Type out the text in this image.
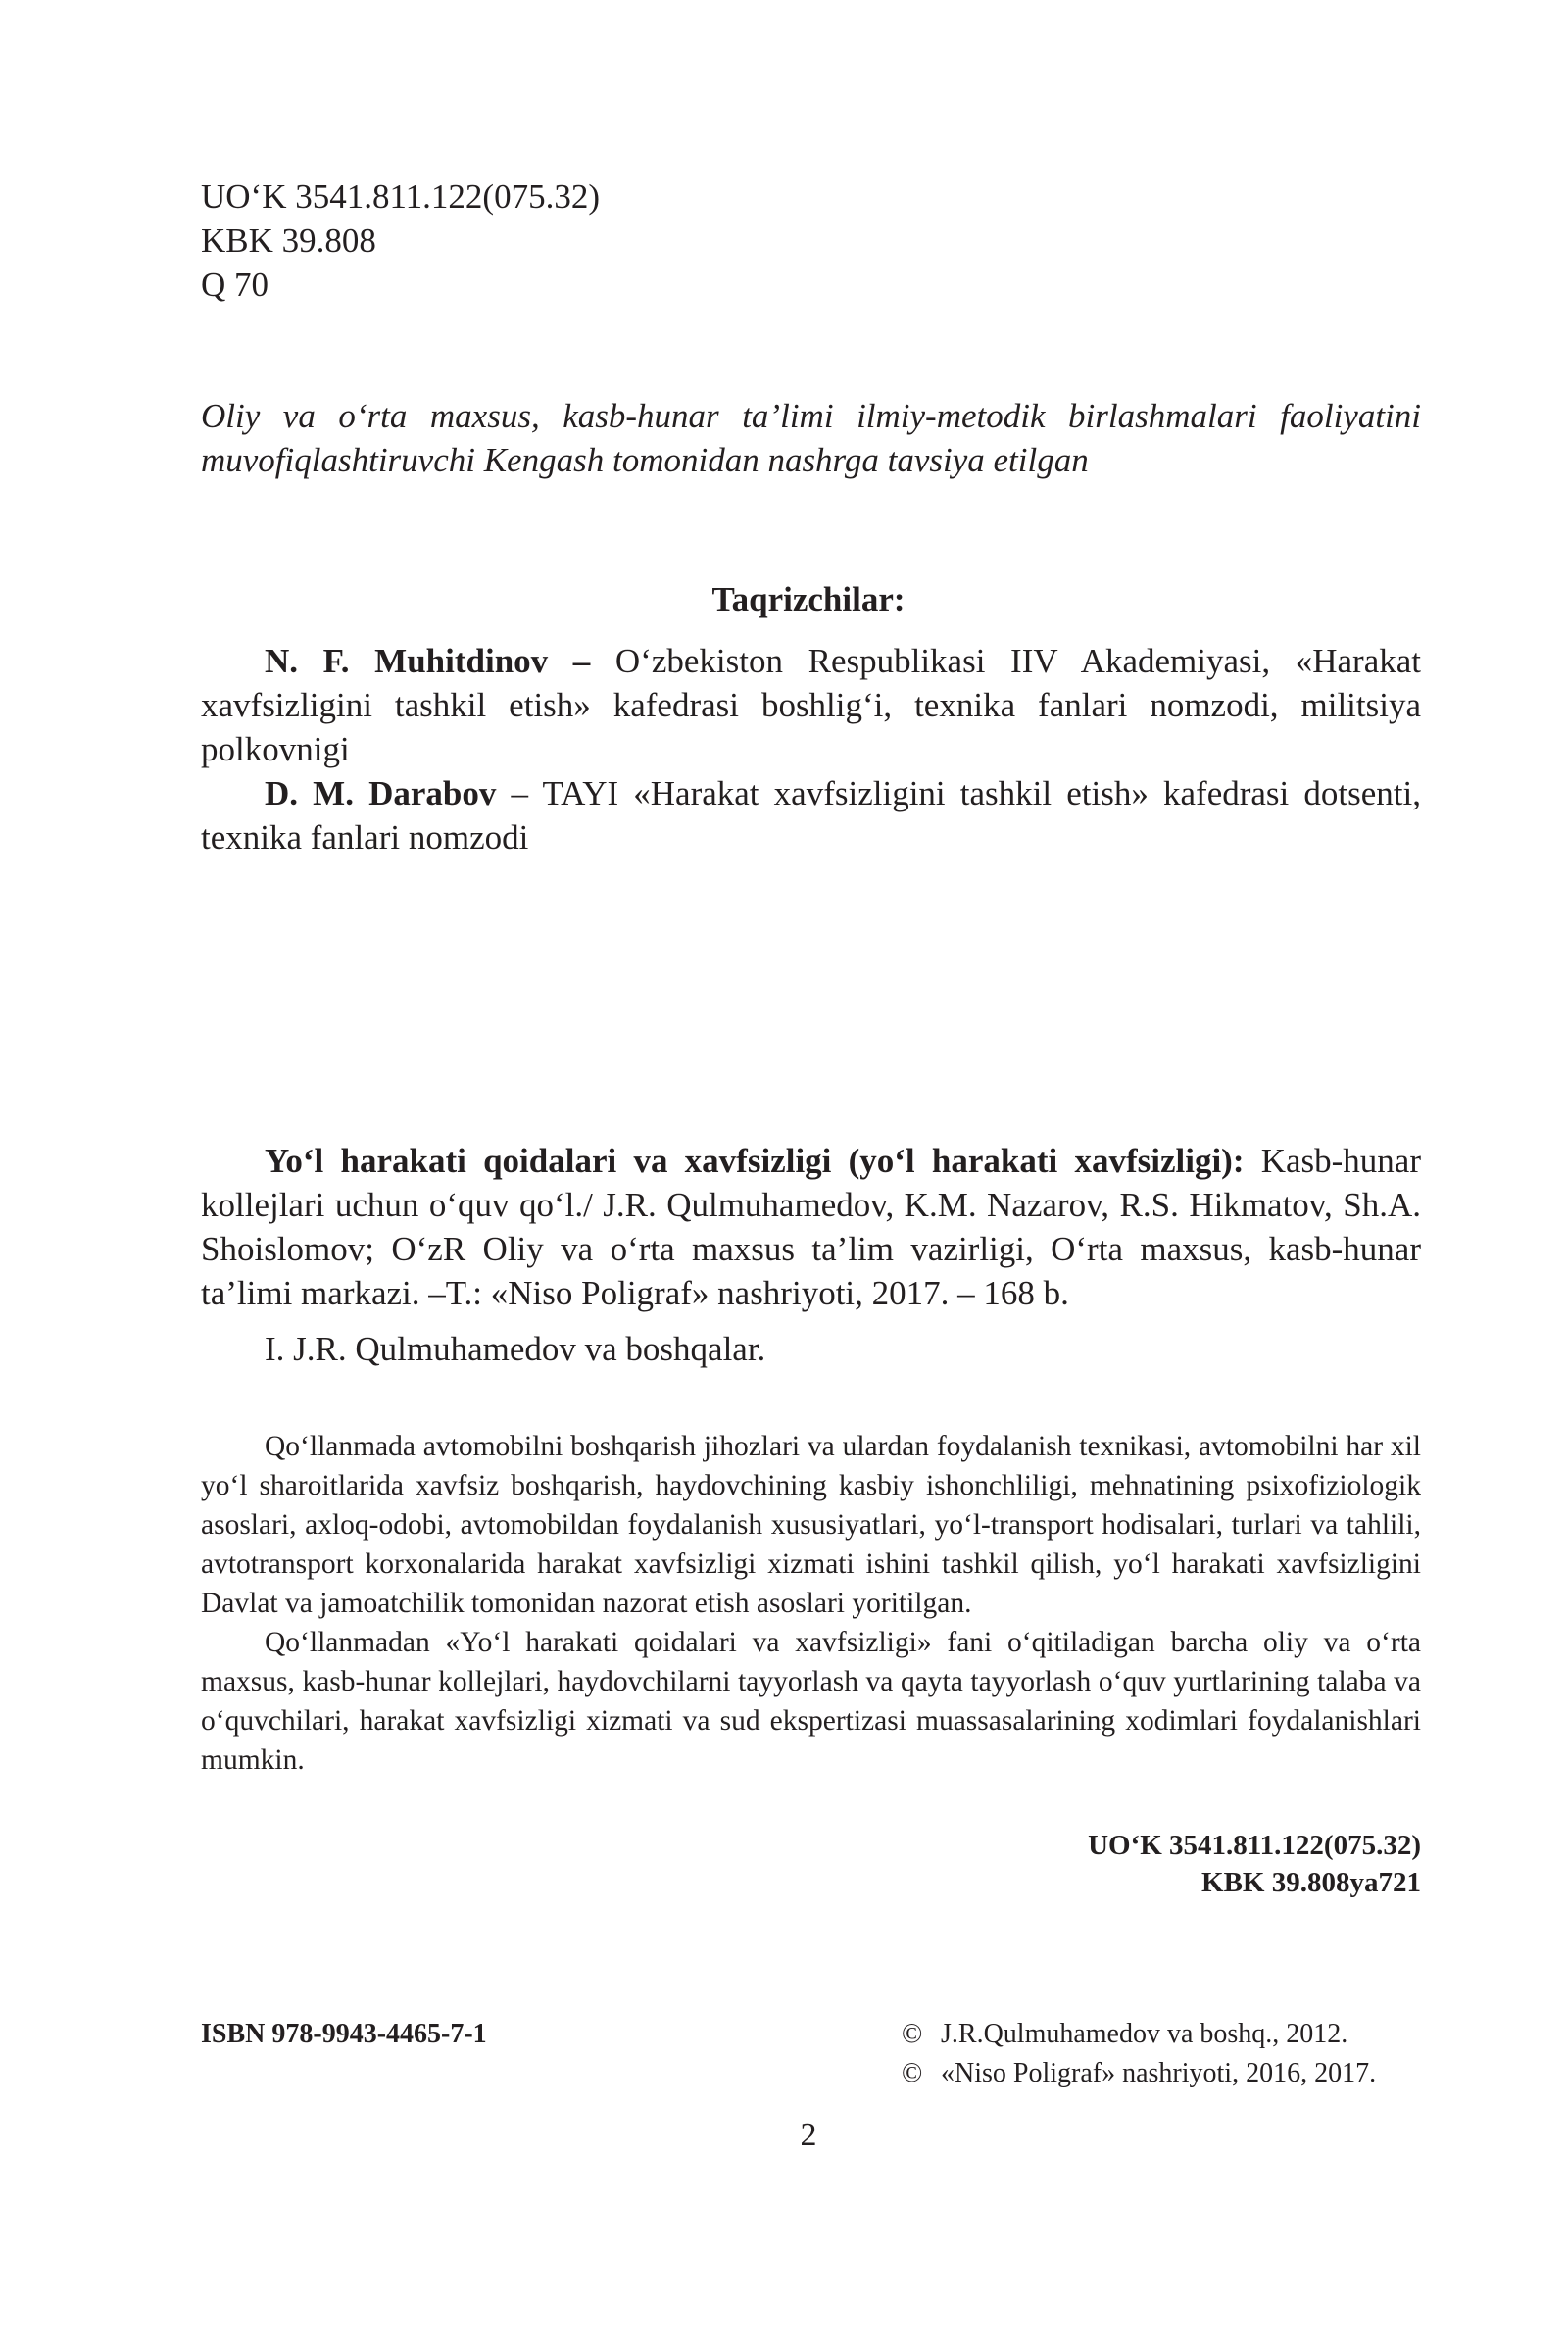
UO‘K 3541.811.122(075.32)
KBK 39.808
Q 70
Oliy va o‘rta maxsus, kasb-hunar ta’limi ilmiy-metodik birlashmalari faoliyatini muvofiqlashtiruvchi Kengash tomonidan nashrga tavsiya etilgan
Taqrizchilar:

N. F. Muhitdinov – O‘zbekiston Respublikasi IIV Akademiyasi, «Harakat xavfsizligini tashkil etish» kafedrasi boshlig‘i, texnika fanlari nomzodi, militsiya polkovnigi

D. M. Darabov – TAYI «Harakat xavfsizligini tashkil etish» kafedrasi dotsenti, texnika fanlari nomzodi

Yo‘l harakati qoidalari va xavfsizligi (yo‘l harakati xavfsizligi): Kasb-hunar kollejlari uchun o‘quv qo‘l./ J.R. Qulmuhamedov, K.M. Nazarov, R.S. Hikmatov, Sh.A. Shoislomov; O‘zR Oliy va o‘rta maxsus ta’lim vazirligi, O‘rta maxsus, kasb-hunar ta’limi markazi. –T.: «Niso Poligraf» nashriyoti, 2017. – 168 b.

I. J.R. Qulmuhamedov va boshqalar.

Qo‘llanmada avtomobilni boshqarish jihozlari va ulardan foydalanish texnikasi, avtomobilni har xil yo‘l sharoitlarida xavfsiz boshqarish, haydovchining kasbiy ishonchliligi, mehnatining psixofiziologik asoslari, axloq-odobi, avtomobildan foydalanish xususiyatlari, yo‘l-transport hodisalari, turlari va tahlili, avtotransport korxonalarida harakat xavfsizligi xizmati ishini tashkil qilish, yo‘l harakati xavfsizligini Davlat va jamoatchilik tomonidan nazorat etish asoslari yoritilgan.

Qo‘llanmadan «Yo‘l harakati qoidalari va xavfsizligi» fani o‘qitiladigan barcha oliy va o‘rta maxsus, kasb-hunar kollejlari, haydovchilarni tayyorlash va qayta tayyorlash o‘quv yurtlarining talaba va o‘quvchilari, harakat xavfsizligi xizmati va sud ekspertizasi muassasalarining xodimlari foydalanishlari mumkin.

UO‘K 3541.811.122(075.32)
KBK 39.808ya721
ISBN 978-9943-4465-7-1	© J.R.Qulmuhamedov va boshq., 2012.
© «Niso Poligraf» nashriyoti, 2016, 2017.
2
